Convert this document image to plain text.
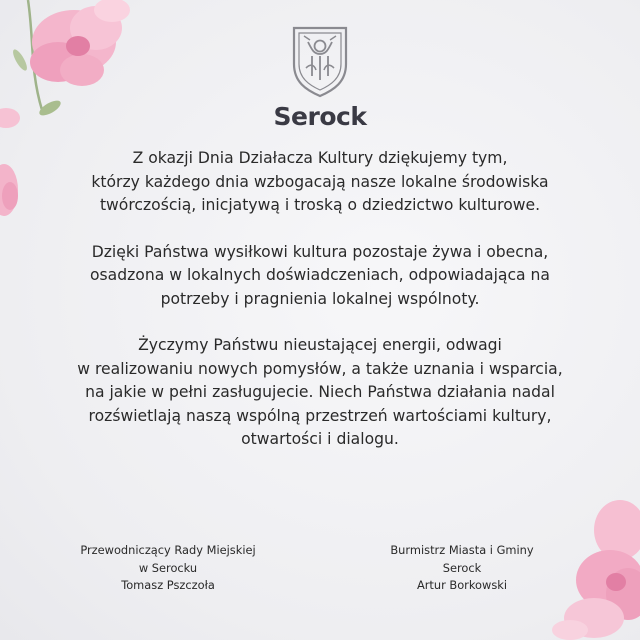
Serock

Z okazji Dnia Działacza Kultury dziękujemy tym,
którzy każdego dnia wzbogacają nasze lokalne środowiska
twórczością, inicjatywą i troską o dziedzictwo kulturowe.

Dzięki Państwa wysiłkowi kultura pozostaje żywa i obecna,
osadzona w lokalnych doświadczeniach, odpowiadająca na
potrzeby i pragnienia lokalnej wspólnoty.

Życzymy Państwu nieustającej energii, odwagi
w realizowaniu nowych pomysłów, a także uznania i wsparcia,
na jakie w pełni zasługujecie. Niech Państwa działania nadal
rozświetlają naszą wspólną przestrzeń wartościami kultury,
otwartości i dialogu.

Przewodniczący Rady Miejskiej
w Serocku
Tomasz Pszczoła
Burmistrz Miasta i Gminy
Serock
Artur Borkowski
